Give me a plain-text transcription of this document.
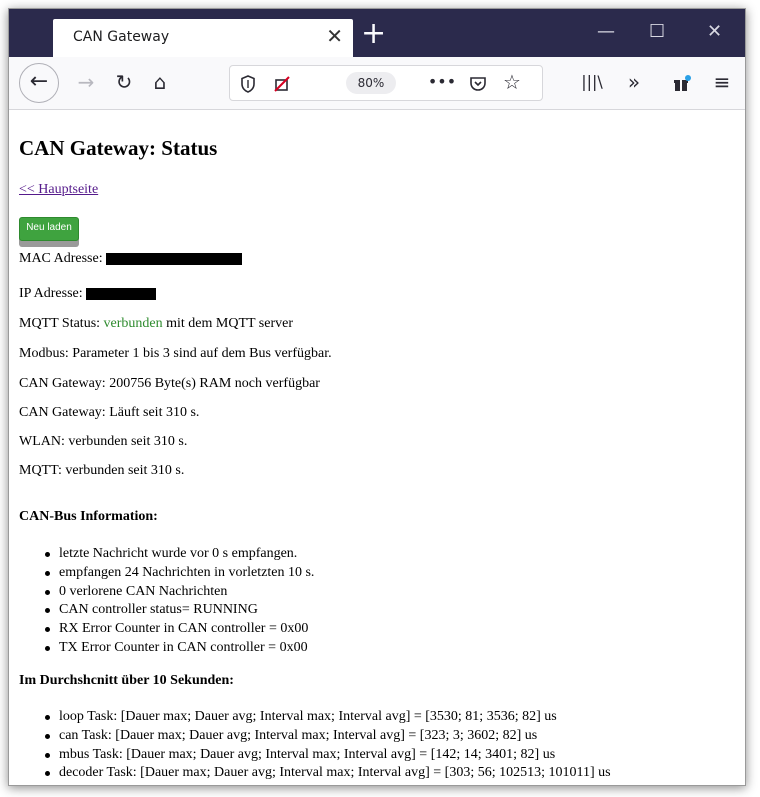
CAN Gateway	✕ +	— ☐ ✕
←	→	↻	⌂	80%	••• ☆	|||\	»	≡
CAN Gateway: Status
<< Hauptseite
Neu laden
MAC Adresse:
IP Adresse:
MQTT Status: verbunden mit dem MQTT server
Modbus: Parameter 1 bis 3 sind auf dem Bus verfügbar.
CAN Gateway: 200756 Byte(s) RAM noch verfügbar
CAN Gateway: Läuft seit 310 s.
WLAN: verbunden seit 310 s.
MQTT: verbunden seit 310 s.
CAN-Bus Information:
letzte Nachricht wurde vor 0 s empfangen.
empfangen 24 Nachrichten in vorletzten 10 s.
0 verlorene CAN Nachrichten
CAN controller status= RUNNING
RX Error Counter in CAN controller = 0x00
TX Error Counter in CAN controller = 0x00
Im Durchshcnitt über 10 Sekunden:
loop Task: [Dauer max; Dauer avg; Interval max; Interval avg] = [3530; 81; 3536; 82] us
can Task: [Dauer max; Dauer avg; Interval max; Interval avg] = [323; 3; 3602; 82] us
mbus Task: [Dauer max; Dauer avg; Interval max; Interval avg] = [142; 14; 3401; 82] us
decoder Task: [Dauer max; Dauer avg; Interval max; Interval avg] = [303; 56; 102513; 101011] us
